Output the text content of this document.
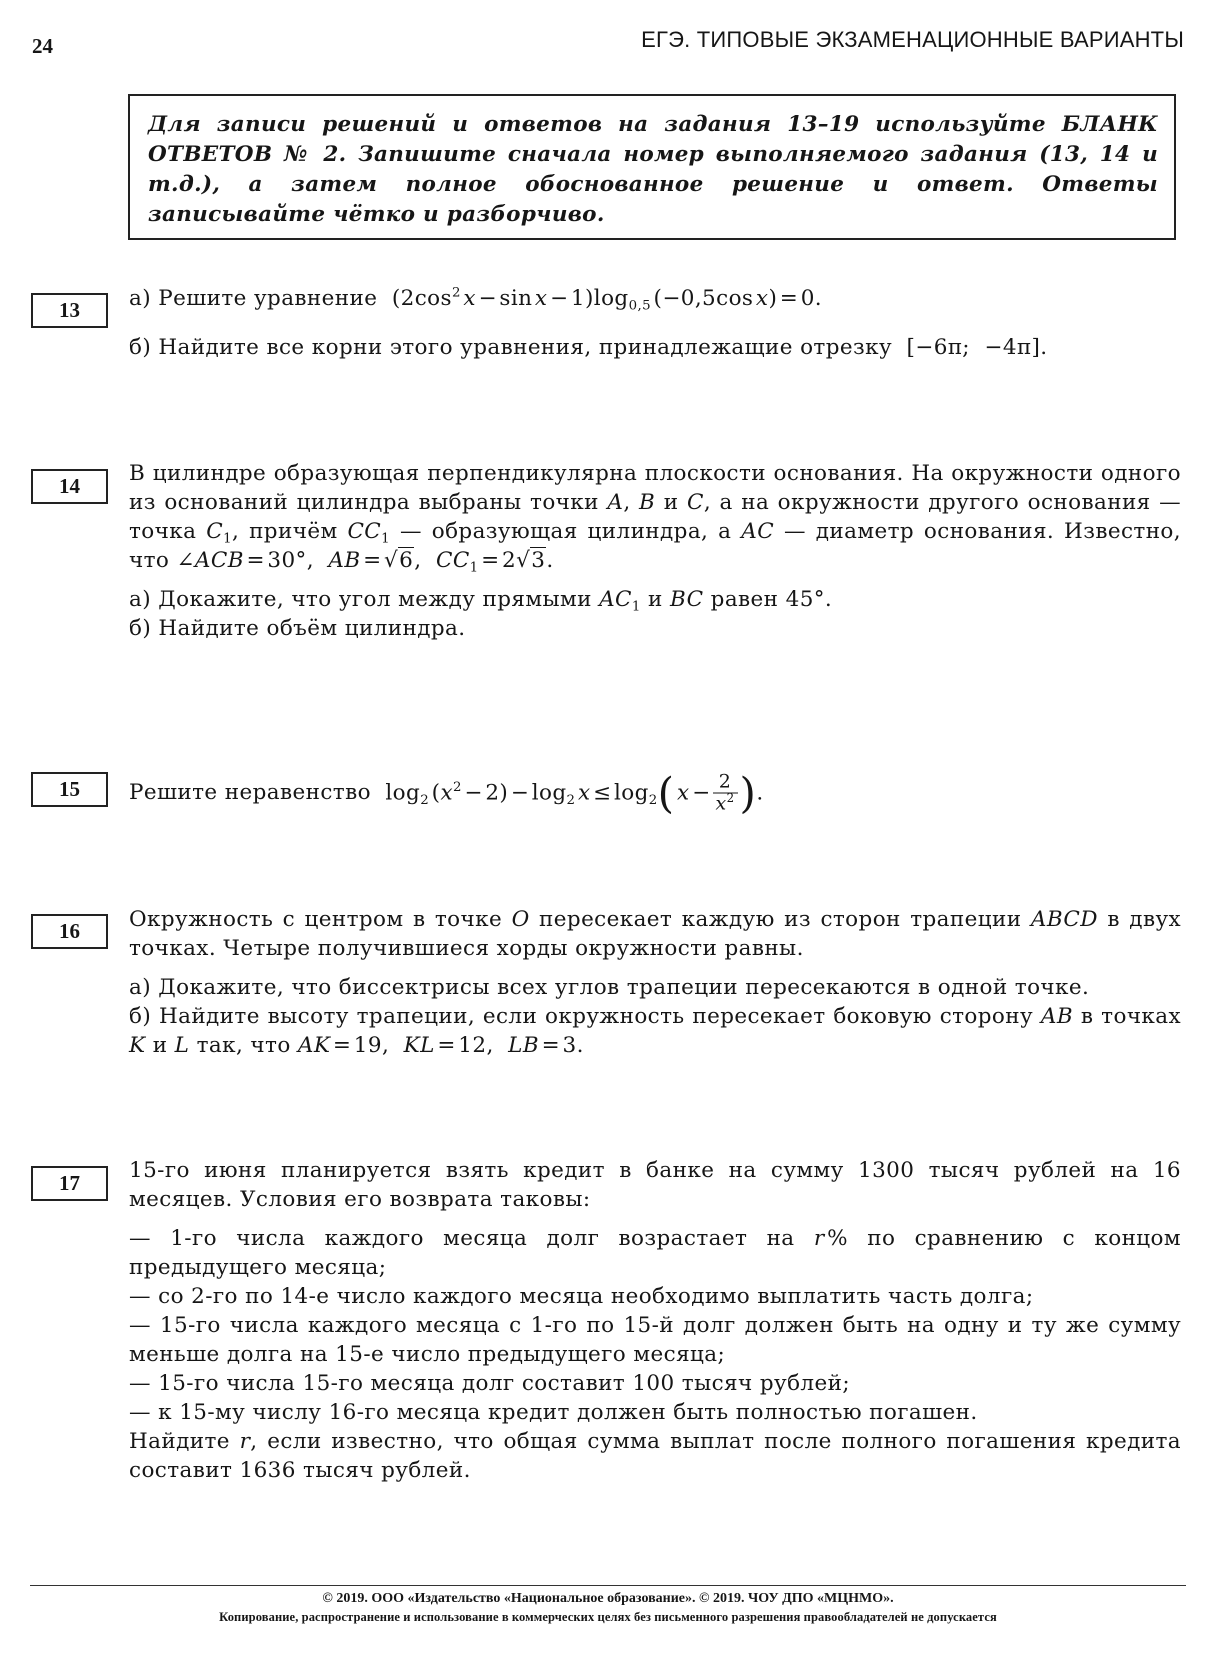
24	ЕГЭ. ТИПОВЫЕ ЭКЗАМЕНАЦИОННЫЕ ВАРИАНТЫ
Для записи решений и ответов на задания 13–19 используйте БЛАНК ОТВЕТОВ № 2. Запишите сначала номер выполняемого задания (13, 14 и т.д.), а затем полное обоснованное решение и ответ. Ответы записывайте чётко и разборчиво.
13	а) Решите уравнение ($2\cos^2$  x − sin x − $1)\log_{0,5}$ (−0,5cos x) = 0.

б) Найдите все корни этого уравнения, принадлежащие отрезку [−6π;  −4π].

14	В цилиндре образующая перпендикулярна плоскости основания. На окружности одного из оснований цилиндра выбраны точки A, B и C, а на окружности другого основания — точка $C_1$, причём $CC_1$ — образующая цилиндра, а AC — диаметр основания. Известно, что ∠ACB = 30°,  AB = √6,  $CC_1$ = 2√3.

а) Докажите, что угол между прямыми $AC_1$ и BC равен 45°.

б) Найдите объём цилиндра.

15	Решите неравенство $\log_2$ ($x^2$ − 2) − $\log_2$  x ≤ $\log_2$(  x − $\frac{2}{x^2}$ ).

16	Окружность с центром в точке O пересекает каждую из сторон трапеции ABCD в двух точках. Четыре получившиеся хорды окружности равны.

а) Докажите, что биссектрисы всех углов трапеции пересекаются в одной точке.

б) Найдите высоту трапеции, если окружность пересекает боковую сторону AB в точках K и L так, что AK = 19,  KL = 12,  LB = 3.

17	15-го июня планируется взять кредит в банке на сумму 1300 тысяч рублей на 16 месяцев. Условия его возврата таковы:

— 1-го числа каждого месяца долг возрастает на r % по сравнению с концом предыдущего месяца;

— со 2-го по 14-е число каждого месяца необходимо выплатить часть долга;

— 15-го числа каждого месяца с 1-го по 15-й долг должен быть на одну и ту же сумму меньше долга на 15-е число предыдущего месяца;

— 15-го числа 15-го месяца долг составит 100 тысяч рублей;

— к 15-му числу 16-го месяца кредит должен быть полностью погашен.

Найдите r, если известно, что общая сумма выплат после полного погашения кредита составит 1636 тысяч рублей.

© 2019. ООО «Издательство «Национальное образование». © 2019. ЧОУ ДПО «МЦНМО».
Копирование, распространение и использование в коммерческих целях без письменного разрешения правообладателей не допускается
